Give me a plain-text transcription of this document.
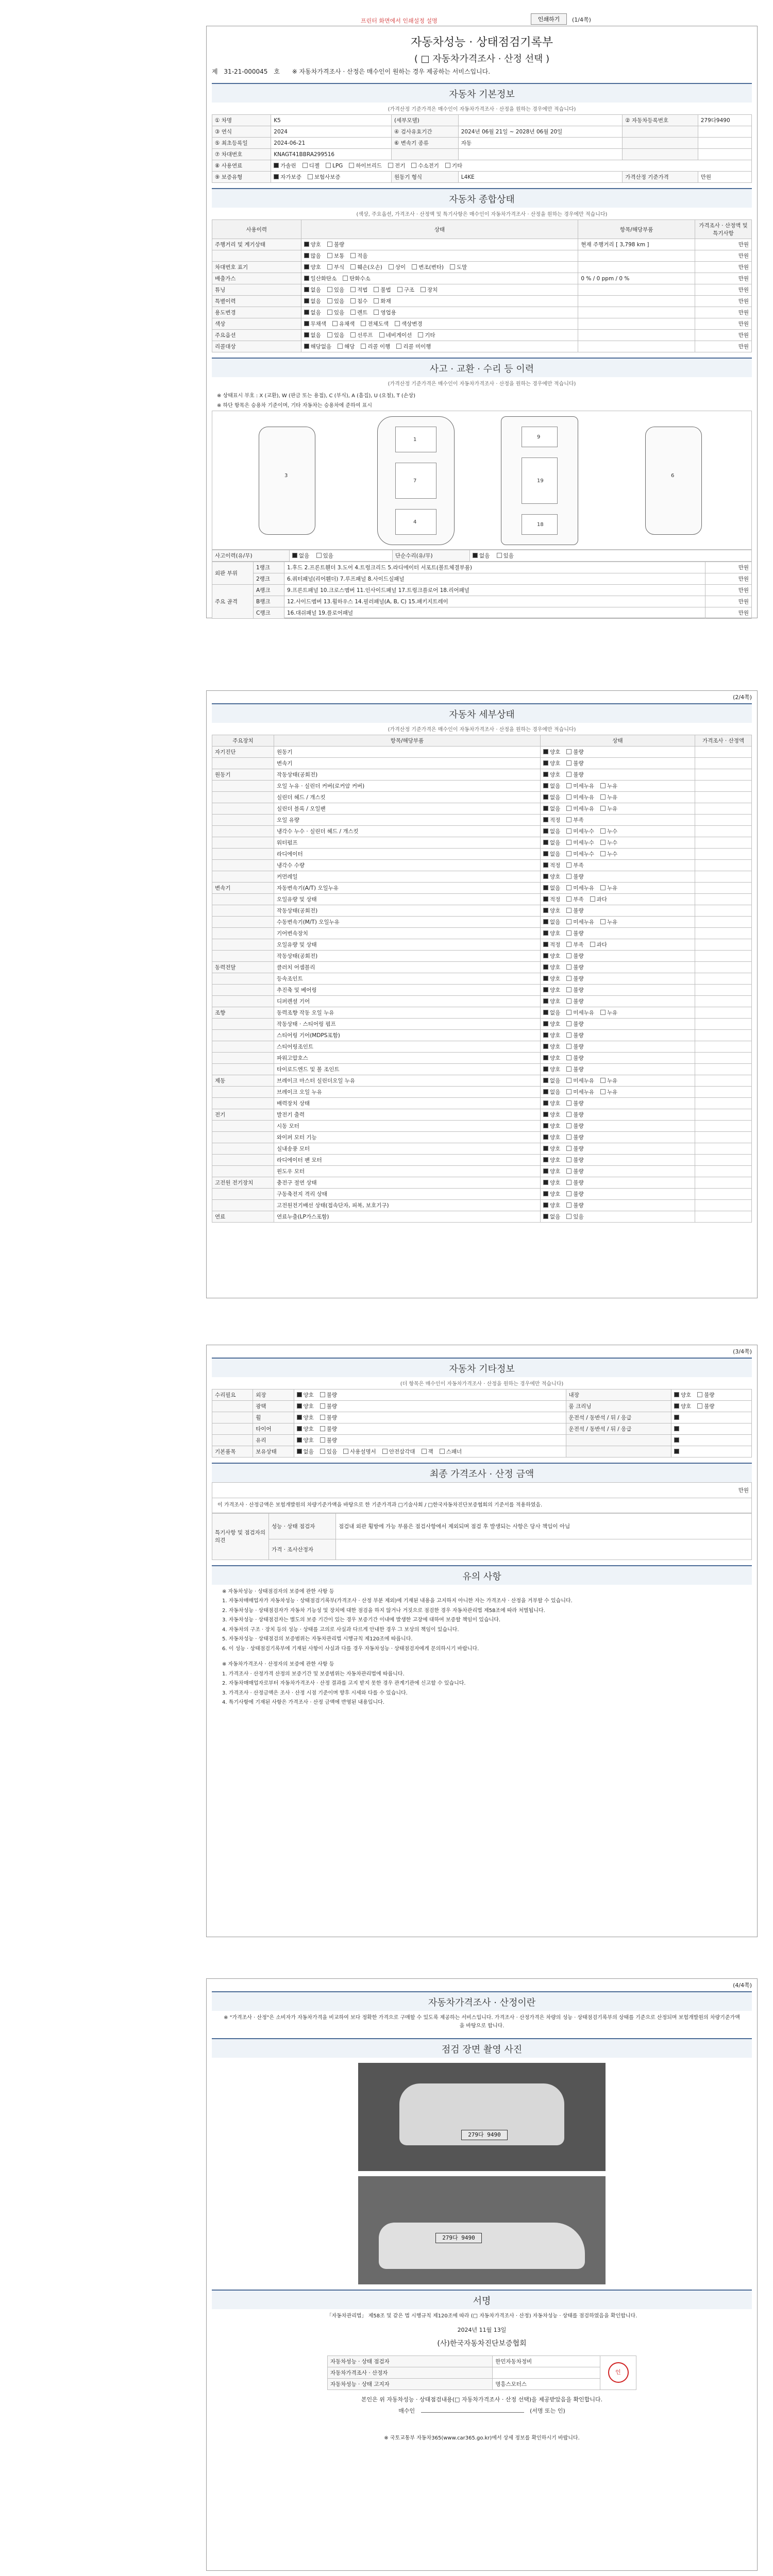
프린터 화면에서 인쇄설정 설명	인쇄하기	(1/4쪽)
자동차성능 · 상태점검기록부
( □ 자동차가격조사 · 산정 선택 )
제 31-21-000045 호 ※ 자동차가격조사 · 산정은 매수인이 원하는 경우 제공하는 서비스입니다.
자동차 기본정보
(가격산정 기준가격은 매수인이 자동차가격조사 · 산정을 원하는 경우에만 적습니다)
① 차명	K5	(세부모델)		② 자동차등록번호	279다9490
③ 연식	2024	④ 검사유효기간	2024년 06월 21일 ~ 2028년 06월 20일		
⑤ 최초등록일	2024-06-21	⑥ 변속기 종류	자동		
⑦ 차대번호	KNAGT41BBRA299516				
⑧ 사용연료	가솔린 디젤 LPG 하이브리드 전기 수소전기 기타				
⑨ 보증유형	자가보증 보험사보증	원동기 형식	L4KE	가격산정 기준가격	만원
자동차 종합상태
(색상, 주요옵션, 가격조사 · 산정액 및 특기사항은 매수인이 자동차가격조사 · 산정을 원하는 경우에만 적습니다)
사용이력	상태	항목/해당부품	가격조사 · 산정액 및 특기사항
주행거리 및 계기상태	양호 불량	현재 주행거리 [ 3,798 km ]	만원
	많음 보통 적음		만원
차대번호 표기	양호 부식 훼손(오손) 상이 변조(변타) 도말		만원
배출가스	일산화탄소 탄화수소	0 % / 0 ppm / 0 %	만원
튜닝	없음 있음 적법 불법 구조 장치		만원
특별이력	없음 있음 침수 화재		만원
용도변경	없음 있음 렌트 영업용		만원
색상	무채색 유채색 전체도색 색상변경		만원
주요옵션	없음 있음 선루프 네비게이션 기타		만원
리콜대상	해당없음 해당 리콜 이행 리콜 미이행		만원
사고 · 교환 · 수리 등 이력
(가격산정 기준가격은 매수인이 자동차가격조사 · 산정을 원하는 경우에만 적습니다)
※ 상태표시 부호 : X (교환), W (판금 또는 용접), C (부식), A (흠집), U (요철), T (손상)
※ 하단 항목은 승용차 기준이며, 기타 자동차는 승용차에 준하여 표시
3
1
7
4
9
19
18
6
사고이력(유/무)	없음	있음	단순수리(유/무)	없음	있음
외판 부위	1랭크	1.후드 2.프론트휀더 3.도어 4.트렁크리드 5.라디에이터 서포트(볼트체결부품)	만원
	2랭크	6.쿼터패널(리어휀더) 7.루프패널 8.사이드실패널	만원
주요 골격	A랭크	9.프론트패널 10.크로스멤버 11.인사이드패널 17.트렁크플로어 18.리어패널	만원
	B랭크	12.사이드멤버 13.휠하우스 14.필러패널(A, B, C) 15.패키지트레이	만원
	C랭크	16.대쉬패널 19.플로어패널	만원
(2/4쪽)
자동차 세부상태
(가격산정 기준가격은 매수인이 자동차가격조사 · 산정을 원하는 경우에만 적습니다)
주요장치	항목/해당부품	상태	가격조사 · 산정액
자기진단	원동기	양호 불량	
	변속기	양호 불량	
원동기	작동상태(공회전)	양호 불량	
	오일 누유 · 실린더 커버(로커암 커버)	없음 미세누유 누유	
	실린더 헤드 / 개스킷	없음 미세누유 누유	
	실린더 블록 / 오일팬	없음 미세누유 누유	
	오일 유량	적정 부족	
	냉각수 누수 · 실린더 헤드 / 개스킷	없음 미세누수 누수	
	워터펌프	없음 미세누수 누수	
	라디에이터	없음 미세누수 누수	
	냉각수 수량	적정 부족	
	커먼레일	양호 불량	
변속기	자동변속기(A/T) 오일누유	없음 미세누유 누유	
	오일유량 및 상태	적정 부족 과다	
	작동상태(공회전)	양호 불량	
	수동변속기(M/T) 오일누유	없음 미세누유 누유	
	기어변속장치	양호 불량	
	오일유량 및 상태	적정 부족 과다	
	작동상태(공회전)	양호 불량	
동력전달	클러치 어셈블리	양호 불량	
	등속조인트	양호 불량	
	추진축 및 베어링	양호 불량	
	디퍼렌셜 기어	양호 불량	
조향	동력조향 작동 오일 누유	없음 미세누유 누유	
	작동상태 · 스티어링 펌프	양호 불량	
	스티어링 기어(MDPS포함)	양호 불량	
	스티어링조인트	양호 불량	
	파워고압호스	양호 불량	
	타이로드엔드 및 볼 조인트	양호 불량	
제동	브레이크 마스터 실린더오일 누유	없음 미세누유 누유	
	브레이크 오일 누유	없음 미세누유 누유	
	배력장치 상태	양호 불량	
전기	발전기 출력	양호 불량	
	시동 모터	양호 불량	
	와이퍼 모터 기능	양호 불량	
	실내송풍 모터	양호 불량	
	라디에이터 팬 모터	양호 불량	
	윈도우 모터	양호 불량	
고전원 전기장치	충전구 절연 상태	양호 불량	
	구동축전지 격리 상태	양호 불량	
	고전원전기배선 상태(접속단자, 피복, 보호기구)	양호 불량	
연료	연료누출(LP가스포함)	없음 있음	
(3/4쪽)
자동차 기타정보
(더 항목은 매수인이 자동차가격조사 · 산정을 원하는 경우에만 적습니다)
수리필요	외장	양호 불량	내장	양호 불량
	광택	양호 불량	룸 크리닝	양호 불량
	휠	양호 불량	운전석 / 동반석 / 뒤 / 응급	
	타이어	양호 불량	운전석 / 동반석 / 뒤 / 응급	
	유리	양호 불량		
기본품목	보유상태	없음 있음 사용설명서 안전삼각대 잭 스패너		
최종 가격조사 · 산정 금액
만원
이 가격조사 · 산정금액은 보험개발원의 차량기준가액을 바탕으로 한 기준가격과 □기술사회 / □한국자동차진단보증협회의 기준서를 적용하였음.
특기사항 및 점검자의 의견	성능 · 상태 점검자	점검내 외관 횡방에 가능 부품은 점검사항에서 제외되며 점검 후 발생되는 사항은 당사 책임이 아님
	가격 · 조사산정자	
유의 사항

※ 자동차성능 · 상태점검자의 보증에 관한 사항 등

1. 자동차매매업자가 자동차성능 · 상태점검기록부(가격조사 · 산정 부분 제외)에 기재된 내용을 고지하지 아니한 자는 가격조사 · 산정을 거부할 수 있습니다.

2. 자동차성능 · 상태점검자가 자동차 기능성 및 장치에 대한 점검을 하지 않거나 거짓으로 점검한 경우 자동차관리법 제58조에 따라 처벌됩니다.

3. 자동차성능 · 상태점검자는 별도의 보증 기간이 있는 경우 보증기간 이내에 발생한 고장에 대하여 보증할 책임이 있습니다.

4. 자동차의 구조 · 장치 등의 성능 · 상태를 고의로 사실과 다르게 안내한 경우 그 보상의 책임이 있습니다.

5. 자동차성능 · 상태점검의 보증범위는 자동차관리법 시행규칙 제120조에 따릅니다.

6. 이 성능 · 상태점검기록부에 기재된 사항이 사실과 다를 경우 자동차성능 · 상태점검자에게 문의하시기 바랍니다.

※ 자동차가격조사 · 산정자의 보증에 관한 사항 등

1. 가격조사 · 산정가격 산정의 보증기간 및 보증범위는 자동차관리법에 따릅니다.

2. 자동차매매업자로부터 자동차가격조사 · 산정 결과를 고지 받지 못한 경우 관계기관에 신고할 수 있습니다.

3. 가격조사 · 산정금액은 조사 · 산정 시점 기준이며 향후 시세와 다를 수 있습니다.

4. 특기사항에 기재된 사항은 가격조사 · 산정 금액에 반영된 내용입니다.

(4/4쪽)
자동차가격조사 · 산정이란
※ "가격조사 · 산정"은 소비자가 자동차가격을 비교하여 보다 정확한 가격으로 구매할 수 있도록 제공하는 서비스입니다. 가격조사 · 산정가격은 차량의 성능 · 상태점검기록부의 상태를 기준으로 산정되며 보험개발원의 차량기준가액을 바탕으로 합니다.
점검 장면 촬영 사진
279다 9490
279다 9490
서명
「자동차관리법」 제58조 및 같은 법 시행규칙 제120조에 따라 (□ 자동차가격조사 · 산정) 자동차성능 · 상태를 점검하였음을 확인합니다.
2024년 11월 13일
(사)한국자동차진단보증협회
자동차성능 · 상태 점검자	한민자동차정비	인
자동차가격조사 · 산정자		
자동차성능 · 상태 고지자	명흥스모터스	
본인은 위 자동차성능 · 상태점검내용(□ 자동차가격조사 · 산정 선택)을 제공받았음을 확인합니다.
매수인	(서명 또는 인)
※ 국토교통부 자동차365(www.car365.go.kr)에서 상세 정보를 확인하시기 바랍니다.
